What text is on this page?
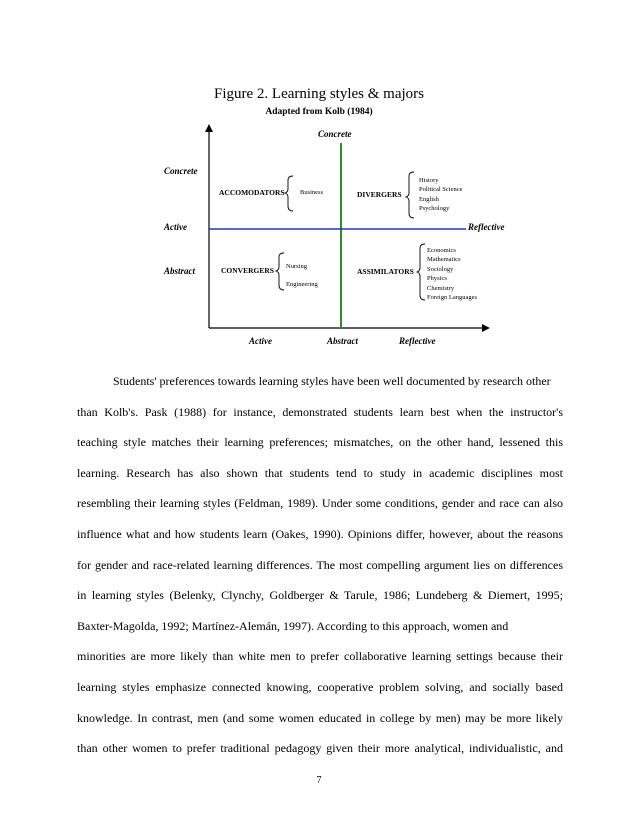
Figure 2. Learning styles & majors
Adapted from Kolb (1984)
Concrete
Concrete
Active
Abstract
Reflective
Active	Abstract	Reflective
ACCOMODATORS	DIVERGERS
CONVERGERS	ASSIMILATORS
Business
History
Political Science
English
Psychology
Nursing
Engineering
Economics
Mathematics
Sociology
Physics
Chemistry
Foreign Languages
Students' preferences towards learning styles have been well documented by research other
than Kolb's. Pask (1988) for instance, demonstrated students learn best when the instructor's
teaching style matches their learning preferences; mismatches, on the other hand, lessened this
learning. Research has also shown that students tend to study in academic disciplines most
resembling their learning styles (Feldman, 1989). Under some conditions, gender and race can also
influence what and how students learn (Oakes, 1990). Opinions differ, however, about the reasons
for gender and race-related learning differences. The most compelling argument lies on differences
in learning styles (Belenky, Clynchy, Goldberger & Tarule, 1986; Lundeberg & Diemert, 1995;
Baxter-Magolda, 1992; Martínez-Alemán, 1997). According to this approach, women and
minorities are more likely than white men to prefer collaborative learning settings because their
learning styles emphasize connected knowing, cooperative problem solving, and socially based
knowledge. In contrast, men (and some women educated in college by men) may be more likely
than other women to prefer traditional pedagogy given their more analytical, individualistic, and
7
